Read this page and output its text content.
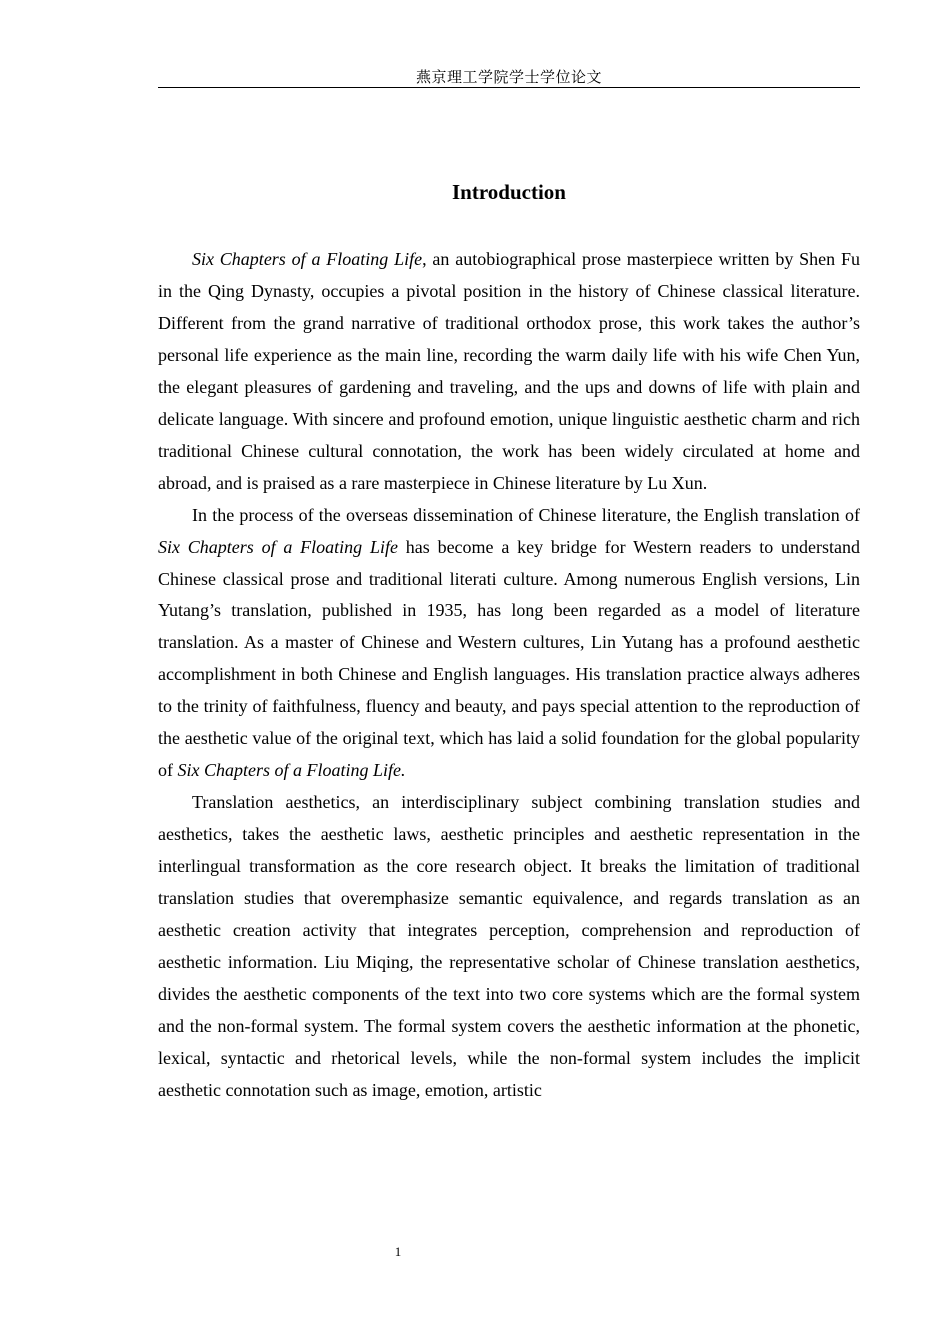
燕京理工学院学士学位论文
Introduction

Six Chapters of a Floating Life, an autobiographical prose masterpiece written by Shen Fu in the Qing Dynasty, occupies a pivotal position in the history of Chinese classical literature. Different from the grand narrative of traditional orthodox prose, this work takes the author’s personal life experience as the main line, recording the warm daily life with his wife Chen Yun, the elegant pleasures of gardening and traveling, and the ups and downs of life with plain and delicate language. With sincere and profound emotion, unique linguistic aesthetic charm and rich traditional Chinese cultural connotation, the work has been widely circulated at home and abroad, and is praised as a rare masterpiece in Chinese literature by Lu Xun.

In the process of the overseas dissemination of Chinese literature, the English translation of Six Chapters of a Floating Life has become a key bridge for Western readers to understand Chinese classical prose and traditional literati culture. Among numerous English versions, Lin Yutang’s translation, published in 1935, has long been regarded as a model of literature translation. As a master of Chinese and Western cultures, Lin Yutang has a profound aesthetic accomplishment in both Chinese and English languages. His translation practice always adheres to the trinity of faithfulness, fluency and beauty, and pays special attention to the reproduction of the aesthetic value of the original text, which has laid a solid foundation for the global popularity of Six Chapters of a Floating Life.

Translation aesthetics, an interdisciplinary subject combining translation studies and aesthetics, takes the aesthetic laws, aesthetic principles and aesthetic representation in the interlingual transformation as the core research object. It breaks the limitation of traditional translation studies that overemphasize semantic equivalence, and regards translation as an aesthetic creation activity that integrates perception, comprehension and reproduction of aesthetic information. Liu Miqing, the representative scholar of Chinese translation aesthetics, divides the aesthetic components of the text into two core systems which are the formal system and the non-formal system. The formal system covers the aesthetic information at the phonetic, lexical, syntactic and rhetorical levels, while the non-formal system includes the implicit aesthetic connotation such as image, emotion, artistic

1
